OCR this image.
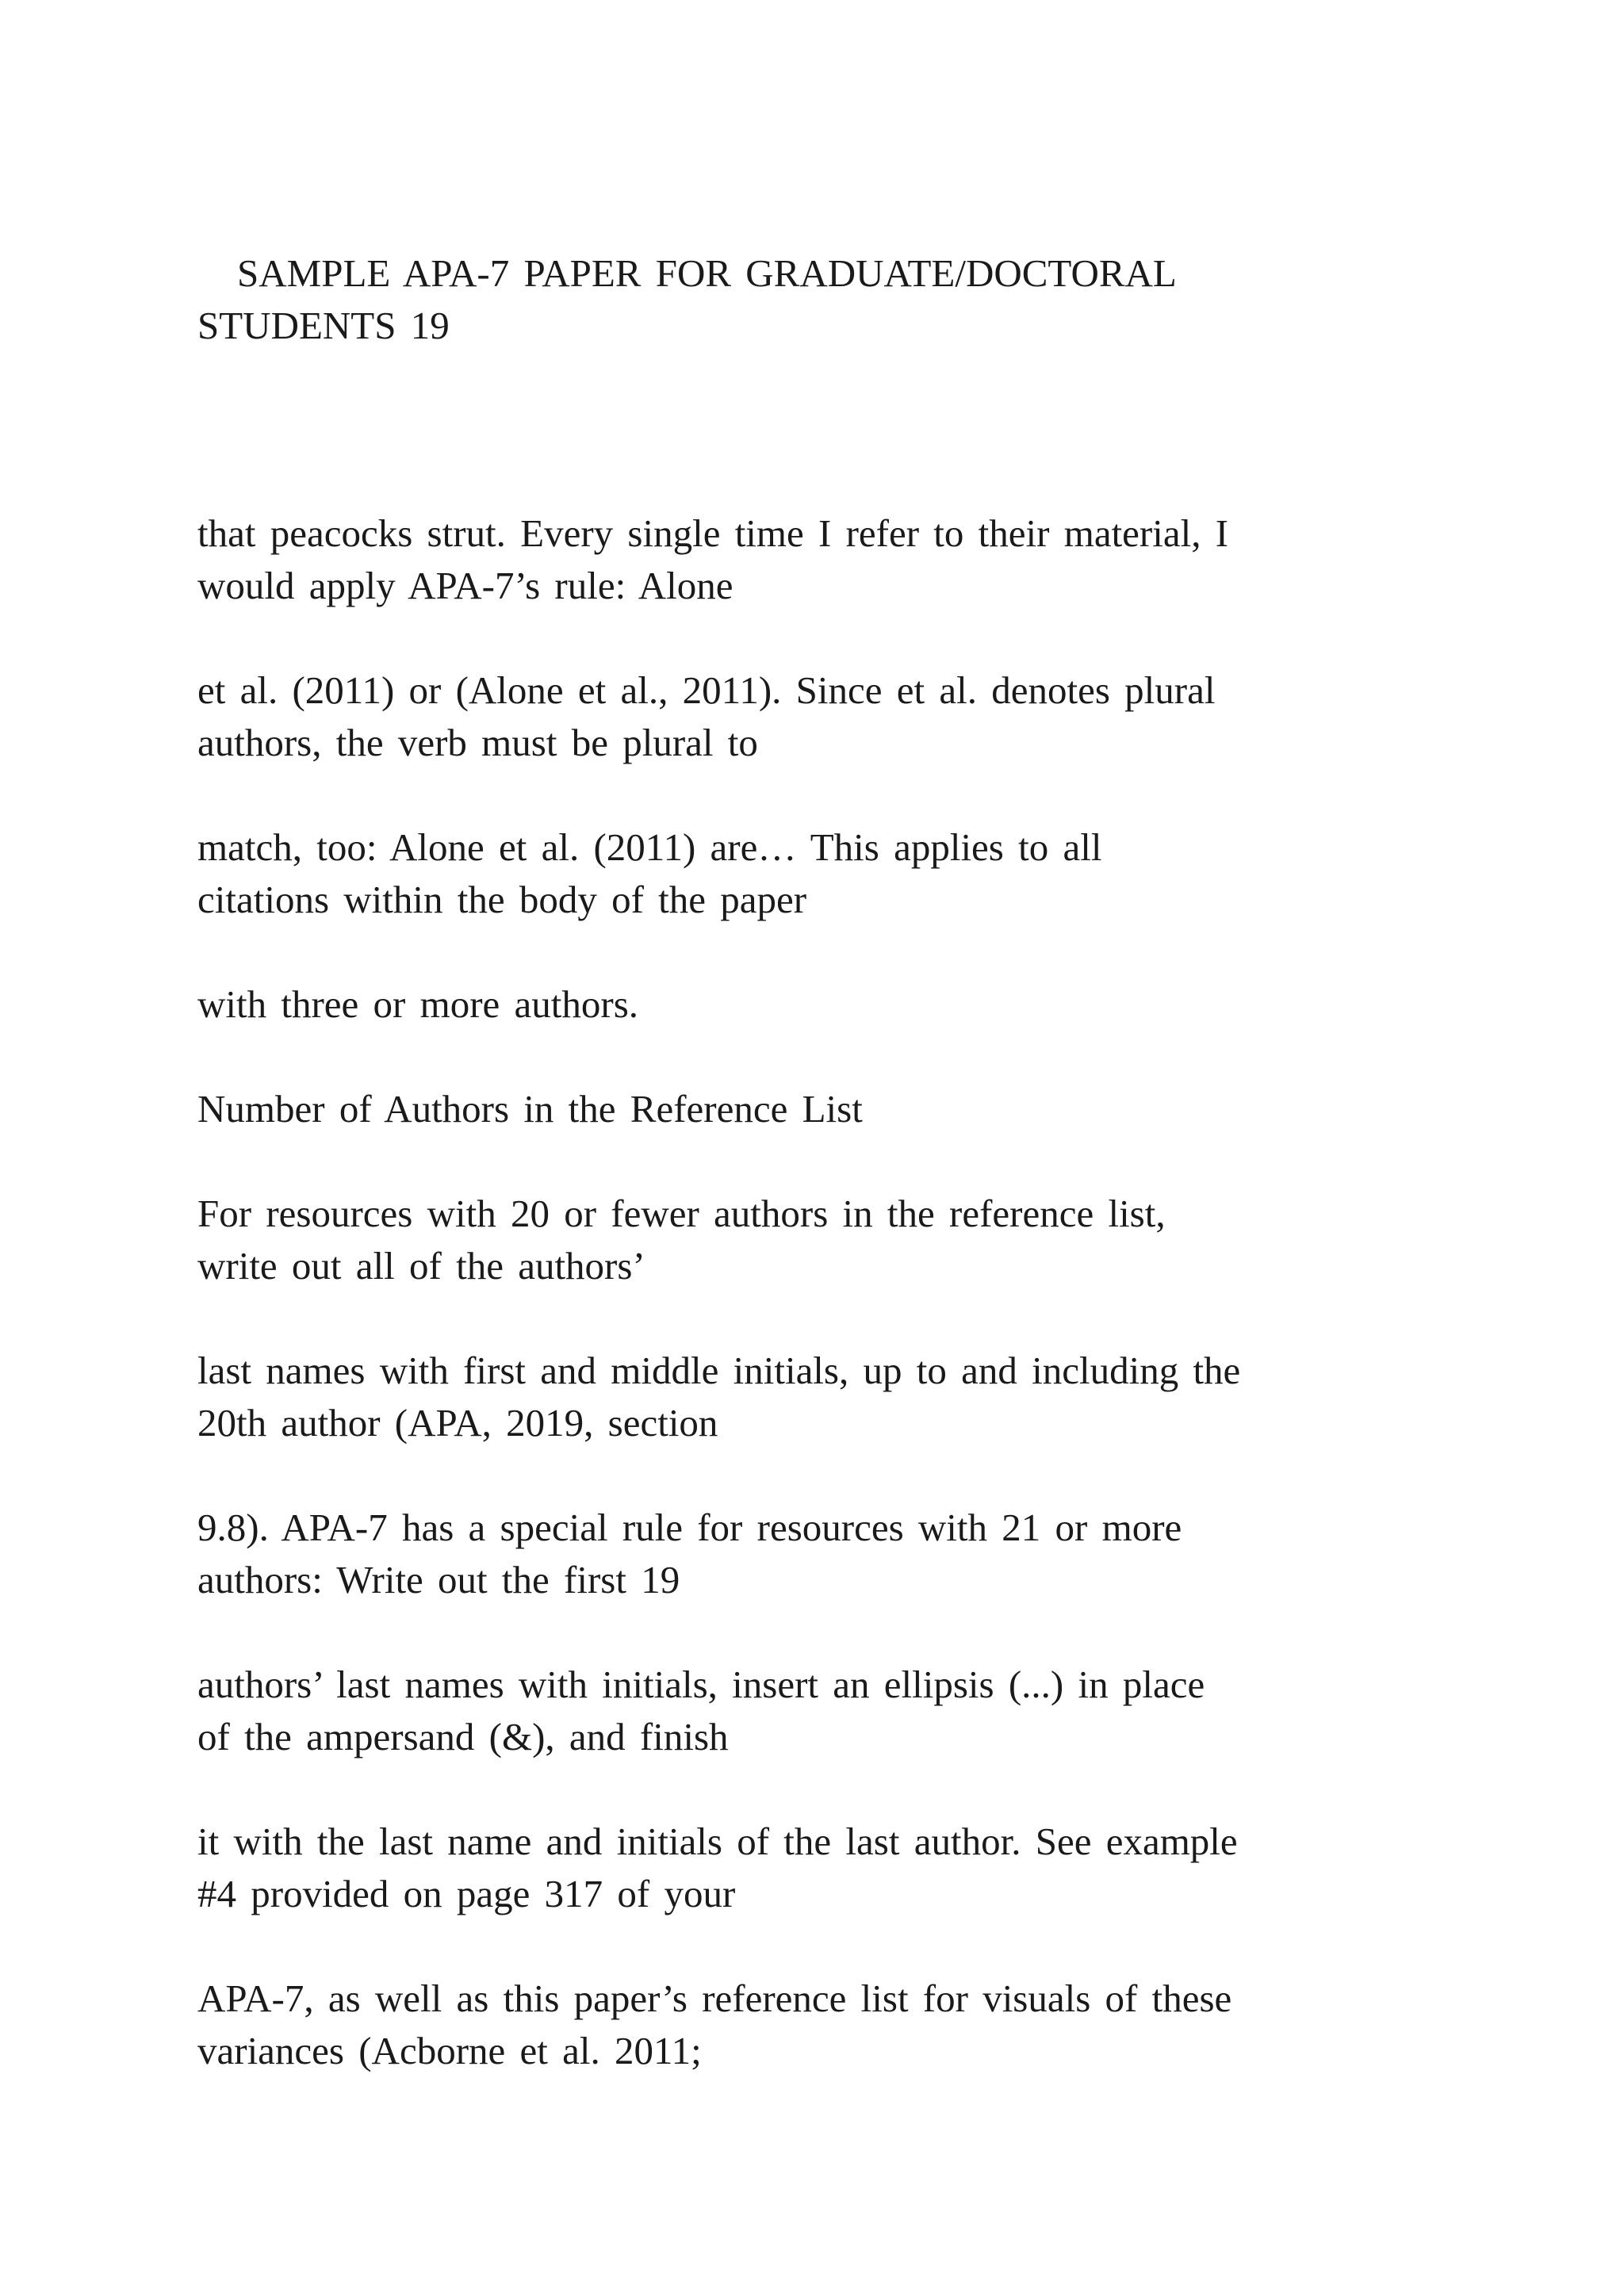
SAMPLE APA-7 PAPER FOR GRADUATE/DOCTORAL
STUDENTS 19
that peacocks strut. Every single time I refer to their material, I
would apply APA-7’s rule: Alone
et al. (2011) or (Alone et al., 2011). Since et al. denotes plural
authors, the verb must be plural to
match, too: Alone et al. (2011) are… This applies to all
citations within the body of the paper
with three or more authors.
Number of Authors in the Reference List
For resources with 20 or fewer authors in the reference list,
write out all of the authors’
last names with first and middle initials, up to and including the
20th author (APA, 2019, section
9.8). APA-7 has a special rule for resources with 21 or more
authors: Write out the first 19
authors’ last names with initials, insert an ellipsis (...) in place
of the ampersand (&), and finish
it with the last name and initials of the last author. See example
#4 provided on page 317 of your
APA-7, as well as this paper’s reference list for visuals of these
variances (Acborne et al. 2011;
